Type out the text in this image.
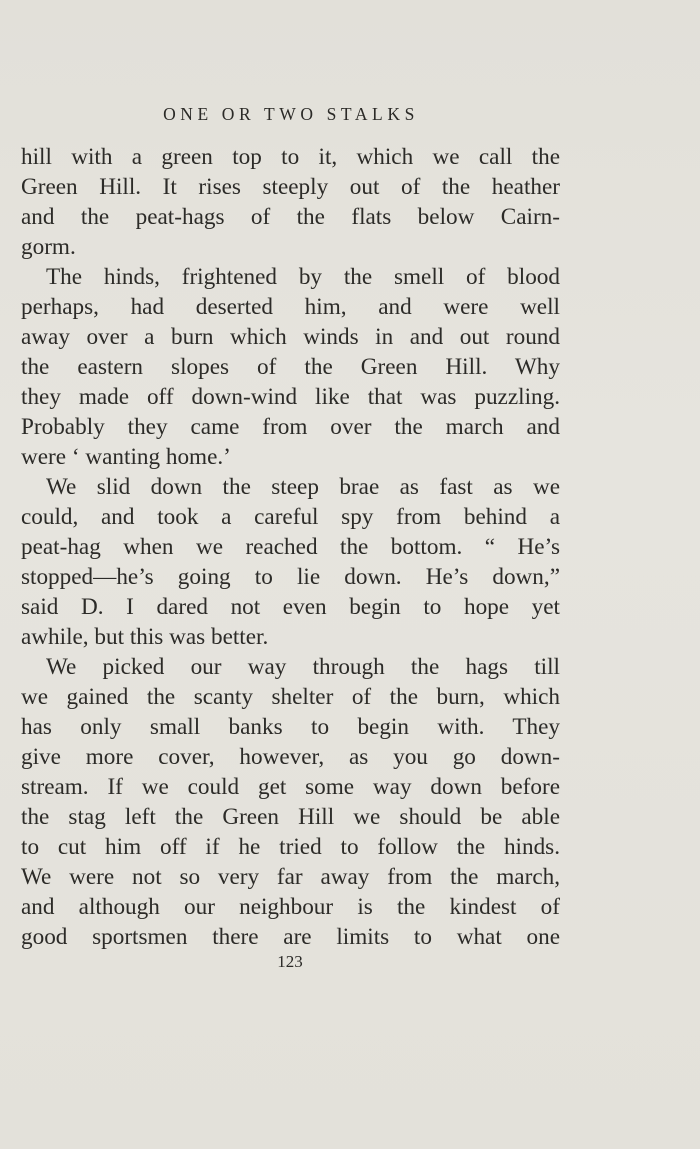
ONE OR TWO STALKS
hill with a green top to it, which we call the
Green Hill. It rises steeply out of the heather
and the peat-hags of the flats below Cairn-
gorm.
The hinds, frightened by the smell of blood
perhaps, had deserted him, and were well
away over a burn which winds in and out round
the eastern slopes of the Green Hill. Why
they made off down-wind like that was puzzling.
Probably they came from over the march and
were ‘ wanting home.’
We slid down the steep brae as fast as we
could, and took a careful spy from behind a
peat-hag when we reached the bottom. “ He’s
stopped—he’s going to lie down. He’s down,”
said D. I dared not even begin to hope yet
awhile, but this was better.
We picked our way through the hags till
we gained the scanty shelter of the burn, which
has only small banks to begin with. They
give more cover, however, as you go down-
stream. If we could get some way down before
the stag left the Green Hill we should be able
to cut him off if he tried to follow the hinds.
We were not so very far away from the march,
and although our neighbour is the kindest of
good sportsmen there are limits to what one
123
